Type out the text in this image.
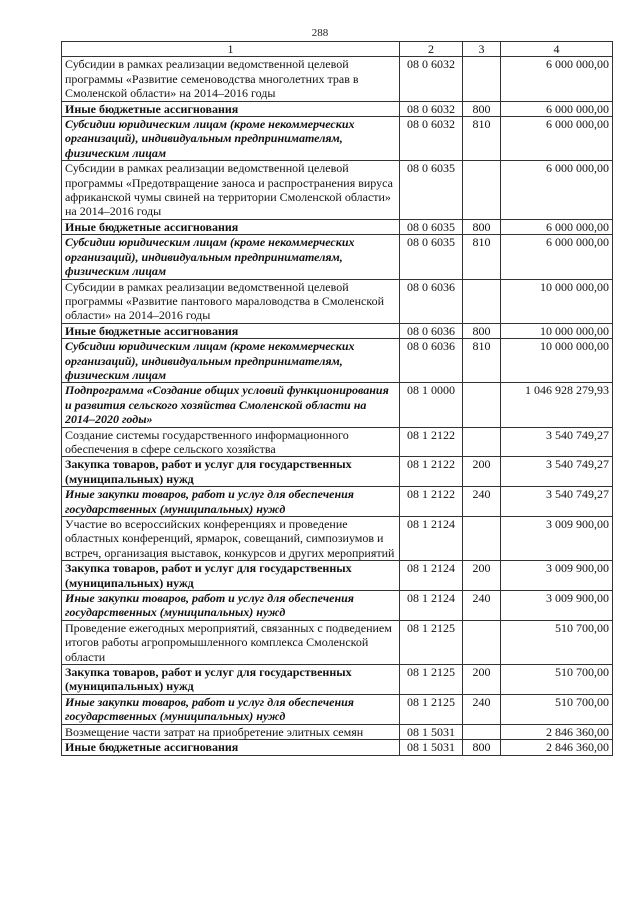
288
1	2	3	4
Субсидии в рамках реализации ведомственной целевой программы «Развитие семеноводства многолетних трав в Смоленской области» на 2014–2016 годы	08 0 6032		6 000 000,00
Иные бюджетные ассигнования	08 0 6032	800	6 000 000,00
Субсидии юридическим лицам (кроме некоммерческих организаций), индивидуальным предпринимателям, физическим лицам	08 0 6032	810	6 000 000,00
Субсидии в рамках реализации ведомственной целевой программы «Предотвращение заноса и распространения вируса африканской чумы свиней на территории Смоленской области» на 2014–2016 годы	08 0 6035		6 000 000,00
Иные бюджетные ассигнования	08 0 6035	800	6 000 000,00
Субсидии юридическим лицам (кроме некоммерческих организаций), индивидуальным предпринимателям, физическим лицам	08 0 6035	810	6 000 000,00
Субсидии в рамках реализации ведомственной целевой программы «Развитие пантового мараловодства в Смоленской области» на 2014–2016 годы	08 0 6036		10 000 000,00
Иные бюджетные ассигнования	08 0 6036	800	10 000 000,00
Субсидии юридическим лицам (кроме некоммерческих организаций), индивидуальным предпринимателям, физическим лицам	08 0 6036	810	10 000 000,00
Подпрограмма «Создание общих условий функционирования и развития сельского хозяйства Смоленской области на 2014–2020 годы»	08 1 0000		1 046 928 279,93
Создание системы государственного информационного обеспечения в сфере сельского хозяйства	08 1 2122		3 540 749,27
Закупка товаров, работ и услуг для государственных (муниципальных) нужд	08 1 2122	200	3 540 749,27
Иные закупки товаров, работ и услуг для обеспечения государственных (муниципальных) нужд	08 1 2122	240	3 540 749,27
Участие во всероссийских конференциях и проведение областных конференций, ярмарок, совещаний, симпозиумов и встреч, организация выставок, конкурсов и других мероприятий	08 1 2124		3 009 900,00
Закупка товаров, работ и услуг для государственных (муниципальных) нужд	08 1 2124	200	3 009 900,00
Иные закупки товаров, работ и услуг для обеспечения государственных (муниципальных) нужд	08 1 2124	240	3 009 900,00
Проведение ежегодных мероприятий, связанных с подведением итогов работы агропромышленного комплекса Смоленской области	08 1 2125		510 700,00
Закупка товаров, работ и услуг для государственных (муниципальных) нужд	08 1 2125	200	510 700,00
Иные закупки товаров, работ и услуг для обеспечения государственных (муниципальных) нужд	08 1 2125	240	510 700,00
Возмещение части затрат на приобретение элитных семян	08 1 5031		2 846 360,00
Иные бюджетные ассигнования	08 1 5031	800	2 846 360,00
